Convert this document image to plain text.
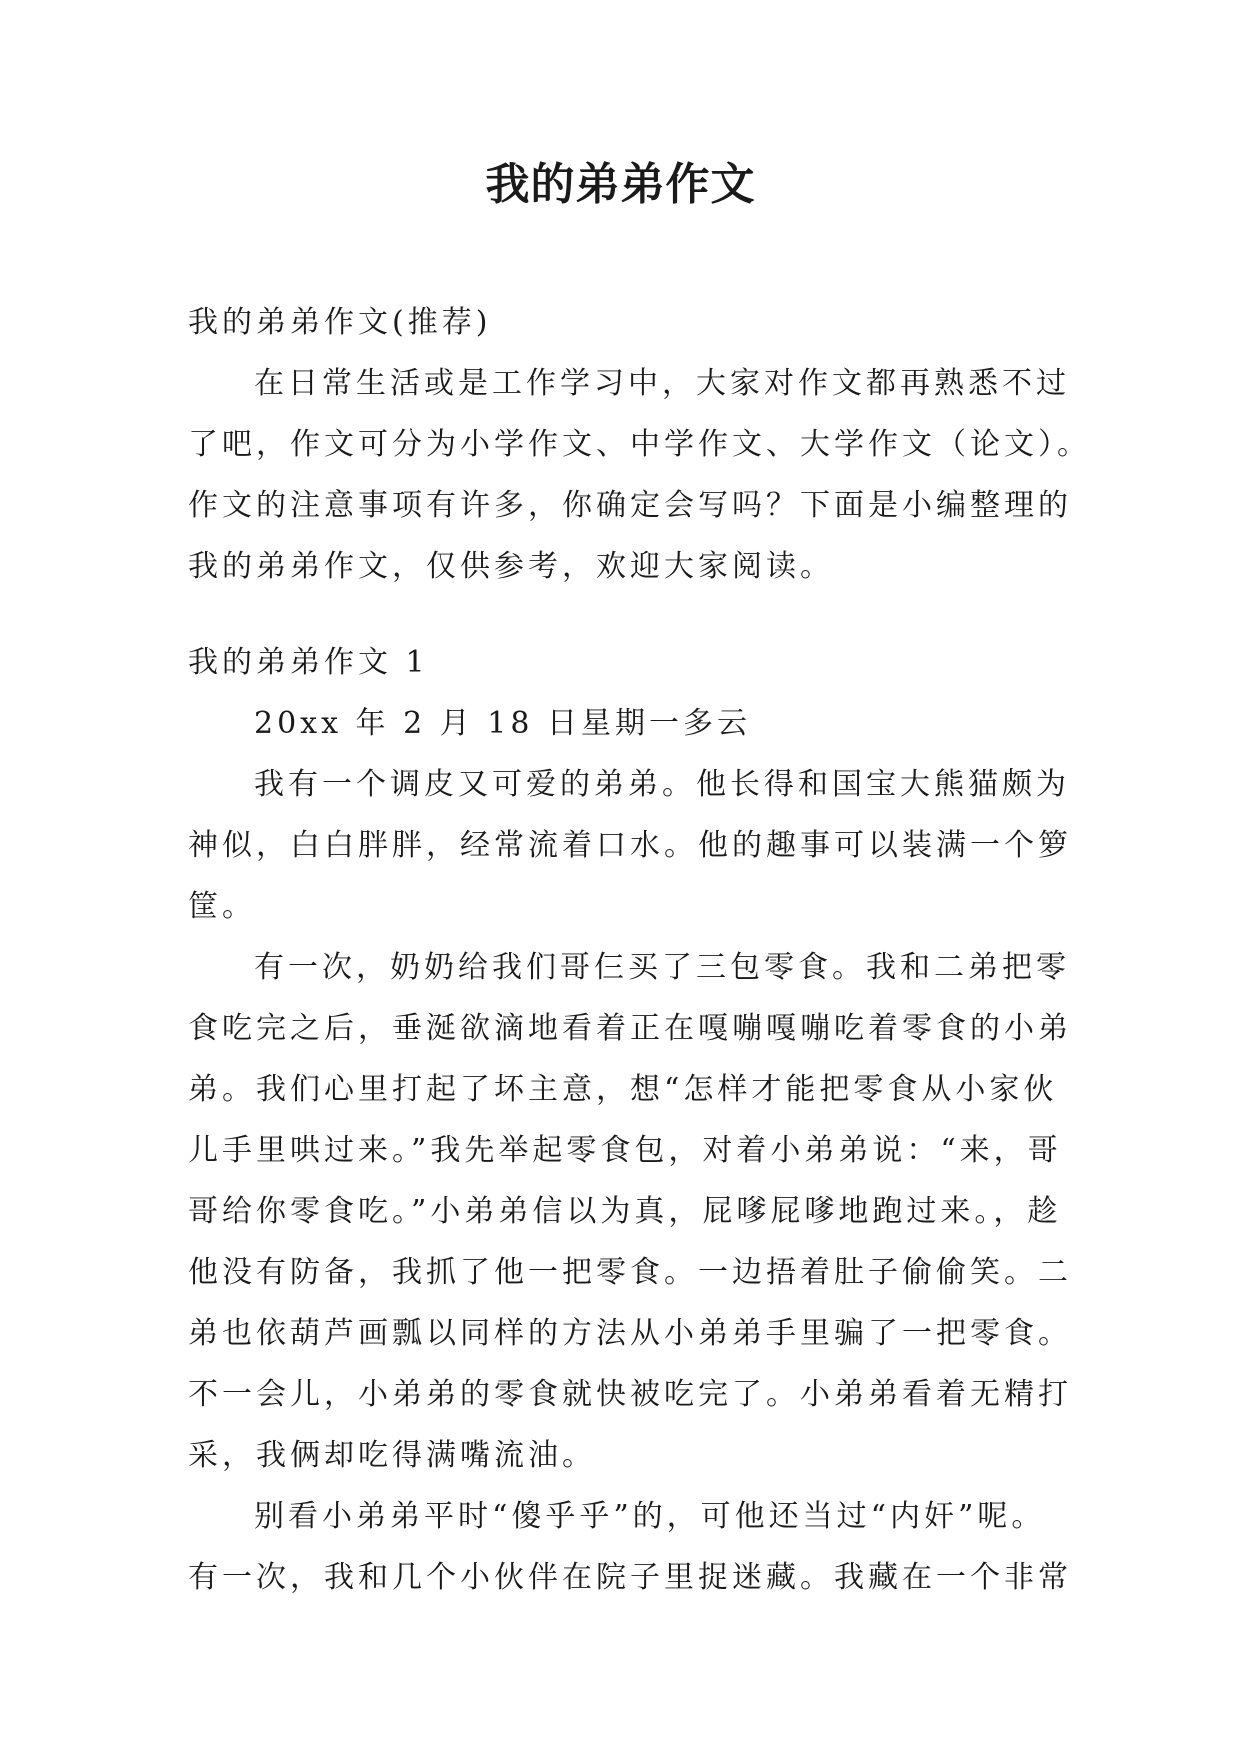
我的弟弟作文
我的弟弟作文(推荐)
在日常生活或是工作学习中，大家对作文都再熟悉不过
了吧，作文可分为小学作文、中学作文、大学作文（论文）。
作文的注意事项有许多，你确定会写吗？下面是小编整理的
我的弟弟作文，仅供参考，欢迎大家阅读。
我的弟弟作文 1
20xx 年 2 月 18 日星期一多云
我有一个调皮又可爱的弟弟。他长得和国宝大熊猫颇为
神似，白白胖胖，经常流着口水。他的趣事可以装满一个箩
筐。
有一次，奶奶给我们哥仨买了三包零食。我和二弟把零
食吃完之后，垂涎欲滴地看着正在嘎嘣嘎嘣吃着零食的小弟
弟。我们心里打起了坏主意，想“怎样才能把零食从小家伙
儿手里哄过来。”我先举起零食包，对着小弟弟说：“来，哥
哥给你零食吃。”小弟弟信以为真，屁嗲屁嗲地跑过来。，趁
他没有防备，我抓了他一把零食。一边捂着肚子偷偷笑。二
弟也依葫芦画瓢以同样的方法从小弟弟手里骗了一把零食。
不一会儿，小弟弟的零食就快被吃完了。小弟弟看着无精打
采，我俩却吃得满嘴流油。
别看小弟弟平时“傻乎乎”的，可他还当过“内奸”呢。
有一次，我和几个小伙伴在院子里捉迷藏。我藏在一个非常
